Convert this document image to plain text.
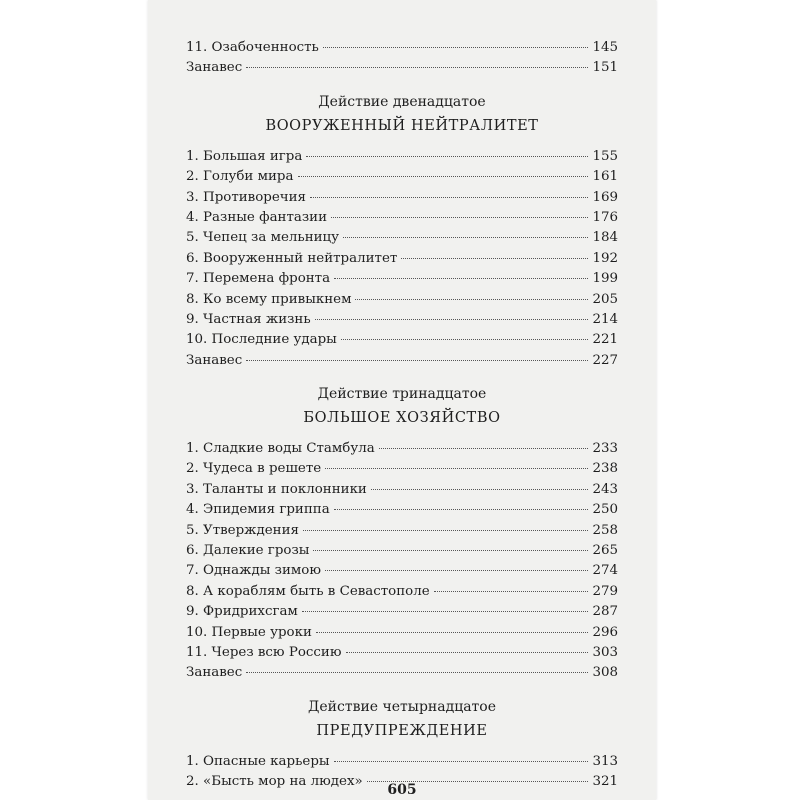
11. Озабоченность	145
Занавес	151
Действие двенадцатое
ВООРУЖЕННЫЙ НЕЙТРАЛИТЕТ
1. Большая игра	155
2. Голуби мира	161
3. Противоречия	169
4. Разные фантазии	176
5. Чепец за мельницу	184
6. Вооруженный нейтралитет	192
7. Перемена фронта	199
8. Ко всему привыкнем	205
9. Частная жизнь	214
10. Последние удары	221
Занавес	227
Действие тринадцатое
БОЛЬШОЕ ХОЗЯЙСТВО
1. Сладкие воды Стамбула	233
2. Чудеса в решете	238
3. Таланты и поклонники	243
4. Эпидемия гриппа	250
5. Утверждения	258
6. Далекие грозы	265
7. Однажды зимою	274
8. А кораблям быть в Севастополе	279
9. Фридрихсгам	287
10. Первые уроки	296
11. Через всю Россию	303
Занавес	308
Действие четырнадцатое
ПРЕДУПРЕЖДЕНИЕ
1. Опасные карьеры	313
2. «Бысть мор на людех»	321
605
